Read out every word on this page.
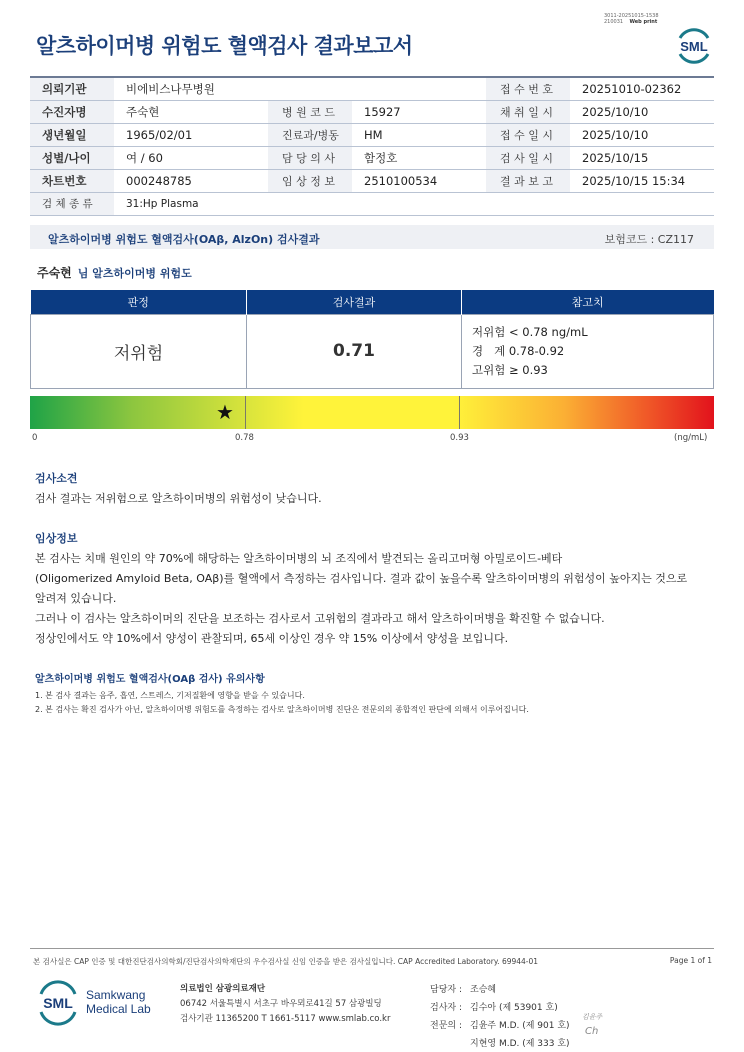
3011-20251015-1538
210031 Web print
알츠하이머병 위험도 혈액검사 결과보고서	SML
의뢰기관	비에비스나무병원			접 수 번 호	20251010-02362
수진자명	주숙현	병 원 코 드	15927	채 취 일 시	2025/10/10
생년월일	1965/02/01	진료과/병동	HM	접 수 일 시	2025/10/10
성별/나이	여 / 60	담 당 의 사	함정호	검 사 일 시	2025/10/15
차트번호	000248785	임 상 정 보	2510100534	결 과 보 고	2025/10/15 15:34
검 체 종 류	31:Hp Plasma				
알츠하이머병 위험도 혈액검사(OAβ, AlzOn) 검사결과	보험코드 : CZ117
주숙현 님 알츠하이머병 위험도
판정	검사결과	참고치
저위험	0.71	저위험 < 0.78 ng/mL
경   계 0.78-0.92
고위험 ≥ 0.93
★
0	0.78	0.93	(ng/mL)
검사소견
검사 결과는 저위험으로 알츠하이머병의 위험성이 낮습니다.
임상정보
본 검사는 치매 원인의 약 70%에 해당하는 알츠하이머병의 뇌 조직에서 발견되는 올리고머형 아밀로이드-베타
(Oligomerized Amyloid Beta, OAβ)를 혈액에서 측정하는 검사입니다. 결과 값이 높을수록 알츠하이머병의 위험성이 높아지는 것으로
알려져 있습니다.
그러나 이 검사는 알츠하이머의 진단을 보조하는 검사로서 고위험의 결과라고 해서 알츠하이머병을 확진할 수 없습니다.
정상인에서도 약 10%에서 양성이 관찰되며, 65세 이상인 경우 약 15% 이상에서 양성을 보입니다.
알츠하이머병 위험도 혈액검사(OAβ 검사) 유의사항
1. 본 검사 결과는 음주, 흡연, 스트레스, 기저질환에 영향을 받을 수 있습니다.
2. 본 검사는 확진 검사가 아닌, 알츠하이머병 위험도를 측정하는 검사로 알츠하이머병 진단은 전문의의 종합적인 판단에 의해서 이루어집니다.
본 검사실은 CAP 인증 및 대한진단검사의학회/진단검사의학재단의 우수검사실 신임 인증을 받은 검사실입니다. CAP Accredited Laboratory. 69944-01	Page 1 of 1
SML Samkwang
Medical Lab
의료법인 삼광의료재단
06742 서울특별시 서초구 바우뫼로41길 57 삼광빌딩
검사기관 11365200 T 1661-5117 www.smlab.co.kr
담당자 :	조승혜
검사자 :	김수아 (제 53901 호)
전문의 :	김윤주 M.D. (제 901 호)
	지현영 M.D. (제 333 호)
김윤주
Ch
